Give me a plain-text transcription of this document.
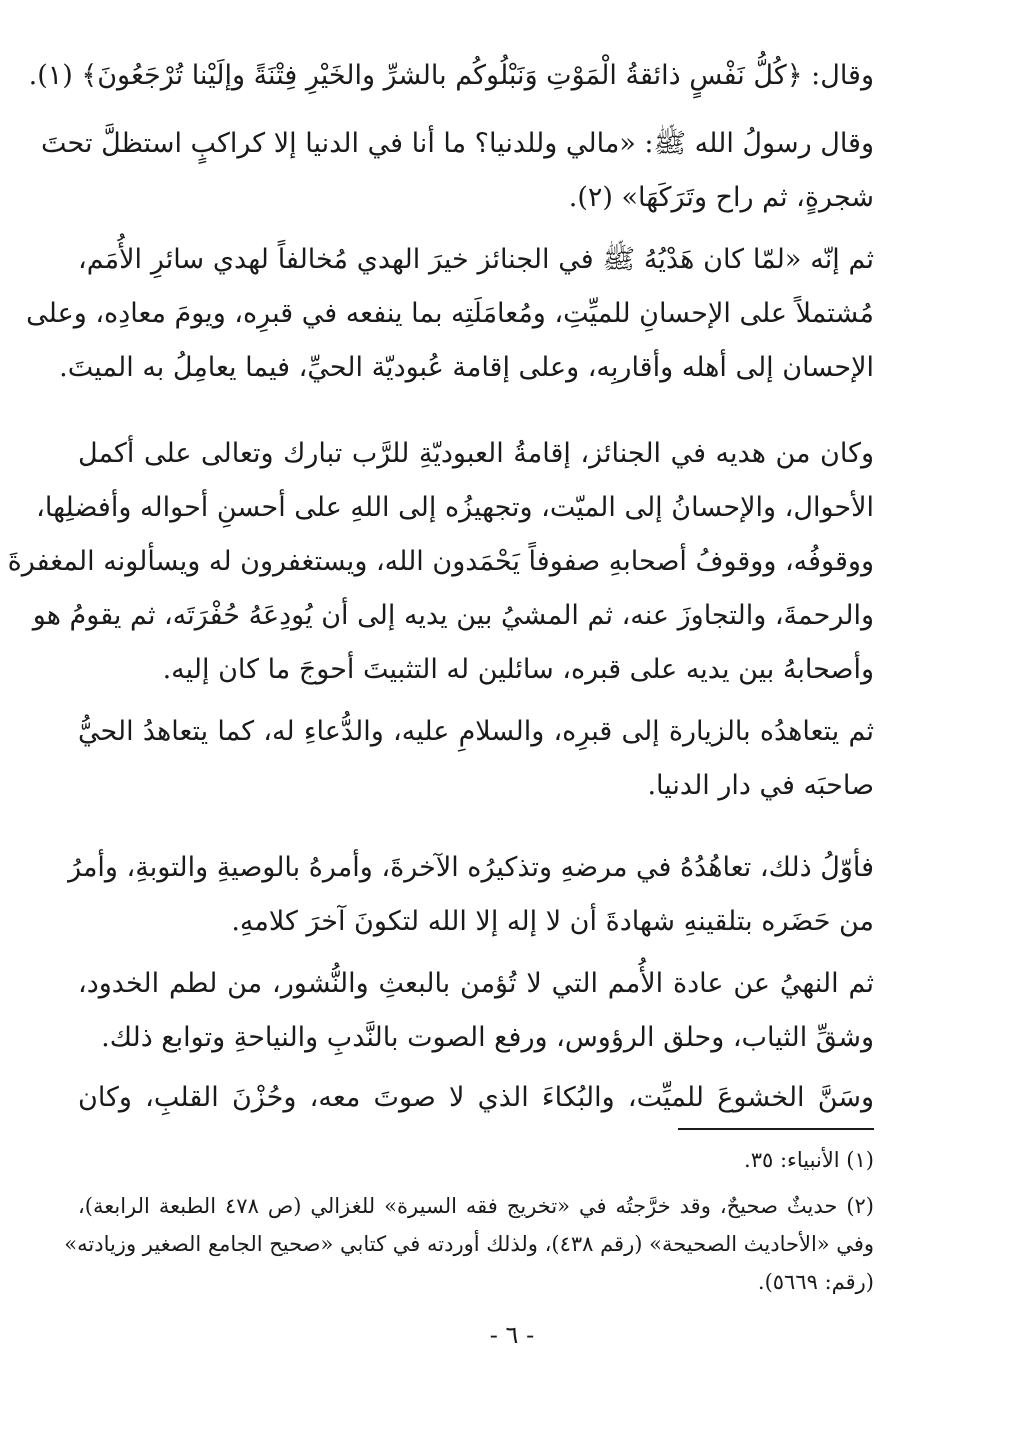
وقال: ﴿كُلُّ نَفْسٍ ذائقةُ الْمَوْتِ وَنَبْلُوكُم بالشرِّ والخَيْرِ فِتْنَةً وإلَيْنا تُرْجَعُونَ﴾ (١).
وقال رسولُ الله ﷺ: «مالي وللدنيا؟ ما أنا في الدنيا إلا كراكبٍ استظلَّ تحتَ
شجرةٍ، ثم راح وتَرَكَهَا» (٢).
ثم إنّه «لمّا كان هَدْيُهُ ﷺ في الجنائز خيرَ الهدي مُخالفاً لهدي سائرِ الأُمَم،
مُشتملاً على الإحسانِ للميِّتِ، ومُعامَلَتِه بما ينفعه في قبرِه، ويومَ معادِه، وعلى
الإحسان إلى أهله وأقاربِه، وعلى إقامة عُبوديّة الحيِّ، فيما يعامِلُ به الميتَ.
وكان من هديه في الجنائز، إقامةُ العبوديّةِ للرَّب تبارك وتعالى على أكمل
الأحوال، والإحسانُ إلى الميّت، وتجهيزُه إلى اللهِ على أحسنِ أحواله وأفضلِها،
ووقوفُه، ووقوفُ أصحابهِ صفوفاً يَحْمَدون الله، ويستغفرون له ويسألونه المغفرةَ
والرحمةَ، والتجاوزَ عنه، ثم المشيُ بين يديه إلى أن يُودِعَهُ حُفْرَتَه، ثم يقومُ هو
وأصحابهُ بين يديه على قبره، سائلين له التثبيتَ أحوجَ ما كان إليه.
ثم يتعاهدُه بالزيارة إلى قبرِه، والسلامِ عليه، والدُّعاءِ له، كما يتعاهدُ الحيُّ
صاحبَه في دار الدنيا.
فأوّلُ ذلك، تعاهُدُهُ في مرضهِ وتذكيرُه الآخرةَ، وأمرهُ بالوصيةِ والتوبةِ، وأمرُ
من حَضَره بتلقينهِ شهادةَ أن لا إله إلا الله لتكونَ آخرَ كلامهِ.
ثم النهيُ عن عادة الأُمم التي لا تُؤمن بالبعثِ والنُّشور، من لطم الخدود،
وشقِّ الثياب، وحلق الرؤوس، ورفع الصوت بالنَّدبِ والنياحةِ وتوابع ذلك.
وسَنَّ الخشوعَ للميِّت، والبُكاءَ الذي لا صوتَ معه، وحُزْنَ القلبِ، وكان
(١) الأنبياء: ٣٥.
(٢) حديثٌ صحيحٌ، وقد خرَّجتُه في «تخريج فقه السيرة» للغزالي (ص ٤٧٨ الطبعة الرابعة)،
وفي «الأحاديث الصحيحة» (رقم ٤٣٨)، ولذلك أوردته في كتابي «صحيح الجامع الصغير وزيادته»
(رقم: ٥٦٦٩).
- ٦ -
